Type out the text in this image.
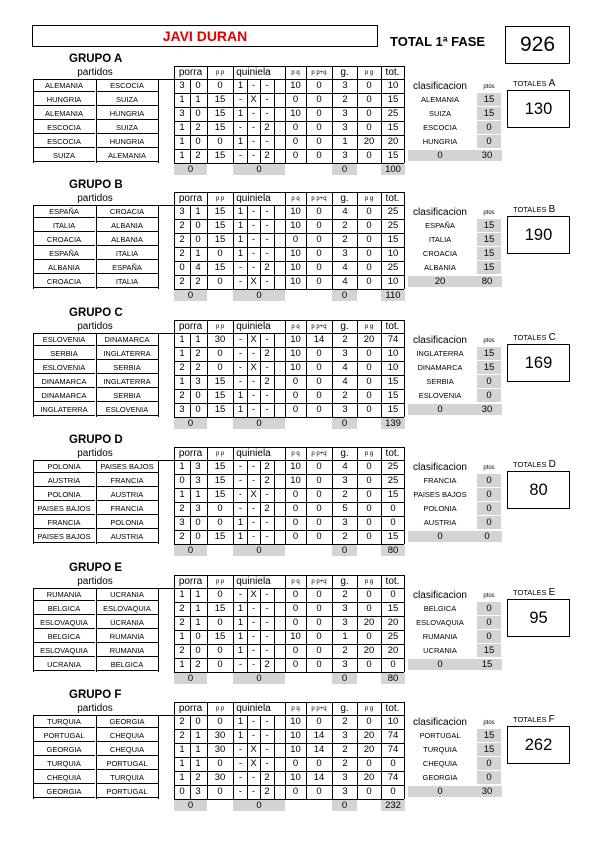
JAVI DURAN	TOTAL 1ª FASE	926
GRUPO A
partidos	porra	p p	quiniela	p q	p p+q	g.	p g	tot.
ALEMANIA	ESCOCIA	3	0	0	1 -	-	10	0	3	0	10
HUNGRIA	SUIZA	1	1	15	- X -	0	0	2	0	15
ALEMANIA	HUNGRIA	3	0	15	1 -	-	10	0	3	0	25
ESCOCIA	SUIZA	1	2	15	-	- 2	0	0	3	0	15
ESCOCIA	HUNGRIA	1	0	0	1 -	-	0	0	1	20	20
SUIZA	ALEMANIA	1	2	15	-	- 2	0	0	3	0	15
0	0	0	100
clasificacion	ptos
ALEMANIA	15
SUIZA	15
ESCOCIA	0
HUNGRIA	0
0	30
TOTALES A
130
GRUPO B
partidos	porra	p p	quiniela	p q	p p+q	g.	p g	tot.
ESPAÑA	CROACIA	3	1	15	1 -	-	10	0	4	0	25
ITALIA	ALBANIA	2	0	15	1 -	-	10	0	2	0	25
CROACIA	ALBANIA	2	0	15	1 -	-	0	0	2	0	15
ESPAÑA	ITALIA	2	1	0	1 -	-	10	0	3	0	10
ALBANIA	ESPAÑA	0	4	15	-	- 2	10	0	4	0	25
CROACIA	ITALIA	2	2	0	- X -	10	0	4	0	10
0	0	0	110
clasificacion	ptos
ESPAÑA	15
ITALIA	15
CROACIA	15
ALBANIA	15
20	80
TOTALES B
190
GRUPO C
partidos	porra	p p	quiniela	p q	p p+q	g.	p g	tot.
ESLOVENIA	DINAMARCA	1	1	30	- X -	10	14	2	20	74
SERBIA	INGLATERRA	1	2	0	-	- 2	10	0	3	0	10
ESLOVENIA	SERBIA	2	2	0	- X -	10	0	4	0	10
DINAMARCA	INGLATERRA	1	3	15	-	- 2	0	0	4	0	15
DINAMARCA	SERBIA	2	0	15	1 -	-	0	0	2	0	15
INGLATERRA	ESLOVENIA	3	0	15	1 -	-	0	0	3	0	15
0	0	0	139
clasificacion	ptos
INGLATERRA	15
DINAMARCA	15
SERBIA	0
ESLOVENIA	0
0	30
TOTALES C
169
GRUPO D
partidos	porra	p p	quiniela	p q	p p+q	g.	p g	tot.
POLONIA	PAISES BAJOS	1	3	15	-	- 2	10	0	4	0	25
AUSTRIA	FRANCIA	0	3	15	-	- 2	10	0	3	0	25
POLONIA	AUSTRIA	1	1	15	- X -	0	0	2	0	15
PAISES BAJOS	FRANCIA	2	3	0	-	- 2	0	0	5	0	0
FRANCIA	POLONIA	3	0	0	1 -	-	0	0	3	0	0
PAISES BAJOS	AUSTRIA	2	0	15	1 -	-	0	0	2	0	15
0	0	0	80
clasificacion	ptos
FRANCIA	0
PAISES BAJOS	0
POLONIA	0
AUSTRIA	0
0	0
TOTALES D
80
GRUPO E
partidos	porra	p p	quiniela	p q	p p+q	g.	p g	tot.
RUMANIA	UCRANIA	1	1	0	- X -	0	0	2	0	0
BELGICA	ESLOVAQUIA	2	1	15	1 -	-	0	0	3	0	15
ESLOVAQUIA	UCRANIA	2	1	0	1 -	-	0	0	3	20	20
BELGICA	RUMANIA	1	0	15	1 -	-	10	0	1	0	25
ESLOVAQUIA	RUMANIA	2	0	0	1 -	-	0	0	2	20	20
UCRANIA	BELGICA	1	2	0	-	- 2	0	0	3	0	0
0	0	0	80
clasificacion	ptos
BELGICA	0
ESLOVAQUIA	0
RUMANIA	0
UCRANIA	15
0	15
TOTALES E
95
GRUPO F
partidos	porra	p p	quiniela	p q	p p+q	g.	p g	tot.
TURQUIA	GEORGIA	2	0	0	1 -	-	10	0	2	0	10
PORTUGAL	CHEQUIA	2	1	30	1 -	-	10	14	3	20	74
GEORGIA	CHEQUIA	1	1	30	- X -	10	14	2	20	74
TURQUIA	PORTUGAL	1	1	0	- X -	0	0	2	0	0
CHEQUIA	TURQUIA	1	2	30	-	- 2	10	14	3	20	74
GEORGIA	PORTUGAL	0	3	0	-	- 2	0	0	3	0	0
0	0	0	232
clasificacion	ptos
PORTUGAL	15
TURQUIA	15
CHEQUIA	0
GEORGIA	0
0	30
TOTALES F
262
